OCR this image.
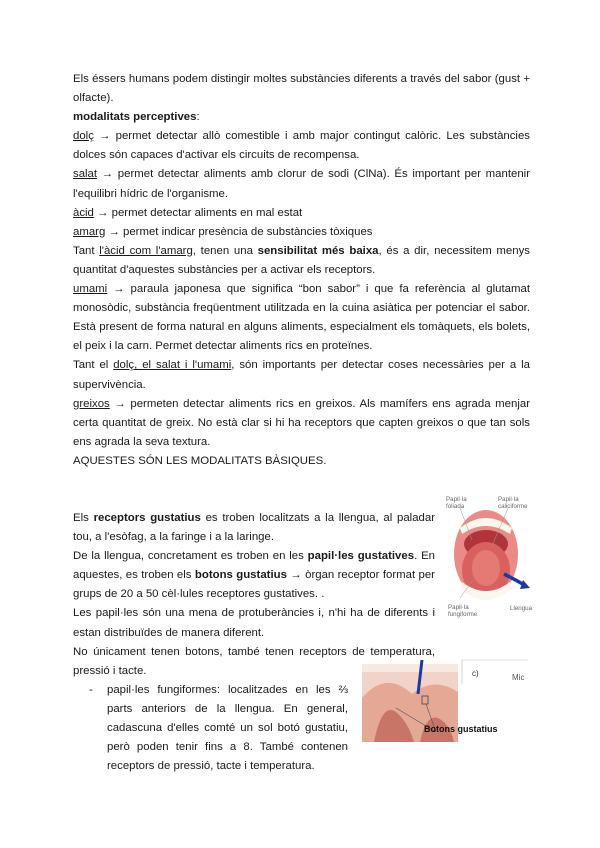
Els éssers humans podem distingir moltes substàncies diferents a través del sabor (gust + olfacte).

modalitats perceptives:

dolç → permet detectar allò comestible i amb major contingut calòric. Les substàncies dolces són capaces d'activar els circuits de recompensa.

salat → permet detectar aliments amb clorur de sodi (ClNa). És important per mantenir l'equilibri hídric de l'organisme.

àcid → permet detectar aliments en mal estat

amarg → permet indicar presència de substàncies tòxiques

Tant l'àcid com l'amarg, tenen una sensibilitat més baixa, és a dir, necessitem menys quantitat d'aquestes substàncies per a activar els receptors.

umami → paraula japonesa que significa “bon sabor” i que fa referència al glutamat monosòdic, substància freqüentment utilitzada en la cuina asiàtica per potenciar el sabor. Està present de forma natural en alguns aliments, especialment els tomàquets, els bolets, el peix i la carn. Permet detectar aliments rics en proteïnes.

Tant el dolç, el salat i l'umami, són importants per detectar coses necessàries per a la supervivència.

greixos → permeten detectar aliments rics en greixos. Als mamífers ens agrada menjar certa quantitat de greix. No està clar si hi ha receptors que capten greixos o que tan sols ens agrada la seva textura.

AQUESTES SÓN LES MODALITATS BÀSIQUES.

Els receptors gustatius es troben localitzats a la llengua, al paladar tou, a l'esòfag, a la faringe i a la laringe.

De la llengua, concretament es troben en les papil·les gustatives. En aquestes, es troben els botons gustatius → òrgan receptor format per grups de 20 a 50 cèl·lules receptores gustatives. .

Les papil·les són una mena de protuberàncies i, n'hi ha de diferents i estan distribuïdes de manera diferent.

No únicament tenen botons, també tenen receptors de temperatura, pressió i tacte.

- papil·les fungiformes: localitzades en les ⅔ parts anteriors de la llengua. En general, cadascuna d'elles comté un sol botó gustatiu, però poden tenir fins a 8. També contenen receptors de pressió, tacte i temperatura.
Papil·la
foliada
Papil·la
caliciforme
Papil·la
fungiforme
Llengua
c)	Mic
Botons gustatius
